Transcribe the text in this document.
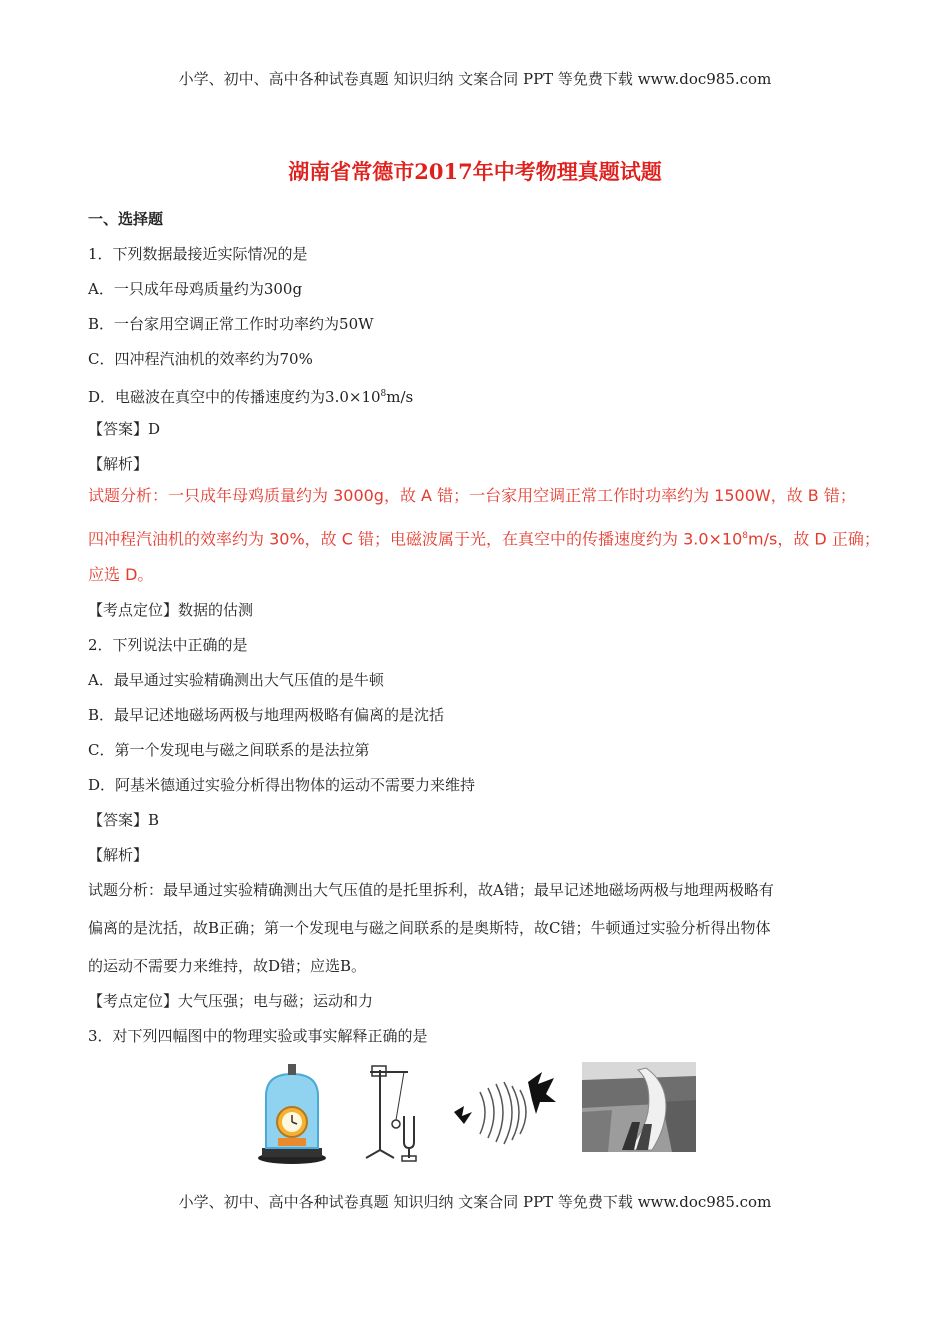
小学、初中、高中各种试卷真题 知识归纳 文案合同 PPT 等免费下载 www.doc985.com
湖南省常德市2017年中考物理真题试题
一、选择题
1．下列数据最接近实际情况的是
A．一只成年母鸡质量约为300g
B．一台家用空调正常工作时功率约为50W
C．四冲程汽油机的效率约为70%
D．电磁波在真空中的传播速度约为$3.0\times 10^8m/s$
【答案】D
【解析】
试题分析：一只成年母鸡质量约为 3000g，故 A 错；一台家用空调正常工作时功率约为 1500W，故 B 错；
四冲程汽油机的效率约为 30%，故 C 错；电磁波属于光，在真空中的传播速度约为 $3.0\times 10^8m/s$，故 D 正确；
应选 D。
【考点定位】数据的估测
2．下列说法中正确的是
A．最早通过实验精确测出大气压值的是牛顿
B．最早记述地磁场两极与地理两极略有偏离的是沈括
C．第一个发现电与磁之间联系的是法拉第
D．阿基米德通过实验分析得出物体的运动不需要力来维持
【答案】B
【解析】
试题分析：最早通过实验精确测出大气压值的是托里拆利，故A错；最早记述地磁场两极与地理两极略有
偏离的是沈括，故B正确；第一个发现电与磁之间联系的是奥斯特，故C错；牛顿通过实验分析得出物体
的运动不需要力来维持，故D错；应选B。
【考点定位】大气压强；电与磁；运动和力
3．对下列四幅图中的物理实验或事实解释正确的是
小学、初中、高中各种试卷真题 知识归纳 文案合同 PPT 等免费下载 www.doc985.com
